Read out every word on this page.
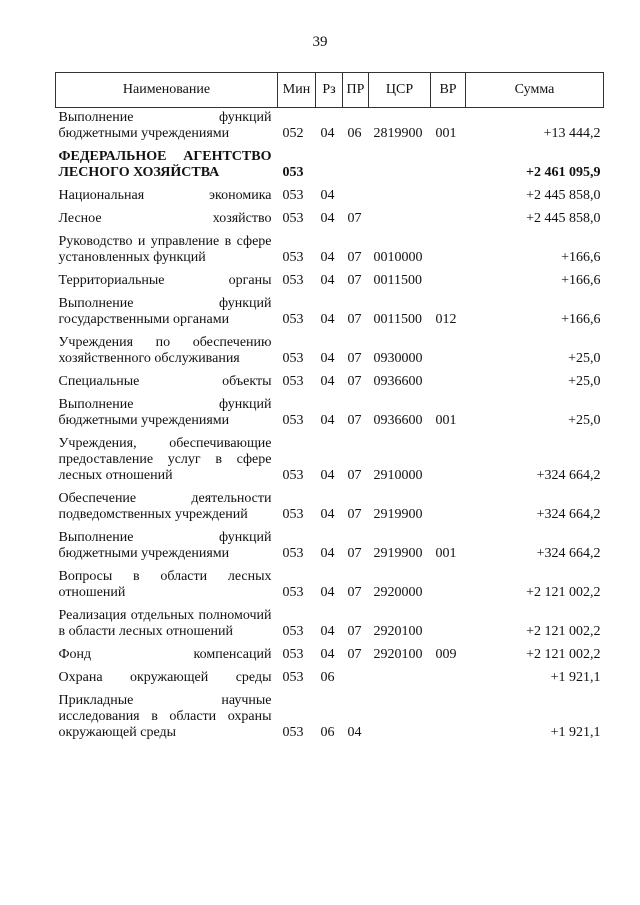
39
Наименование	Мин	Рз	ПР	ЦСР	ВР	Сумма
Выполнение функций бюджетными учреждениями	052	04	06	2819900	001	+13 444,2
ФЕДЕРАЛЬНОЕ АГЕНТСТВО ЛЕСНОГО ХОЗЯЙСТВА	053					+2 461 095,9
Национальная экономика	053	04				+2 445 858,0
Лесное хозяйство	053	04	07			+2 445 858,0
Руководство и управление в сфере установленных функций	053	04	07	0010000		+166,6
Территориальные органы	053	04	07	0011500		+166,6
Выполнение функций государственными органами	053	04	07	0011500	012	+166,6
Учреждения по обеспечению хозяйственного обслуживания	053	04	07	0930000		+25,0
Специальные объекты	053	04	07	0936600		+25,0
Выполнение функций бюджетными учреждениями	053	04	07	0936600	001	+25,0
Учреждения, обеспечивающие предоставление услуг в сфере лесных отношений	053	04	07	2910000		+324 664,2
Обеспечение деятельности подведомственных учреждений	053	04	07	2919900		+324 664,2
Выполнение функций бюджетными учреждениями	053	04	07	2919900	001	+324 664,2
Вопросы в области лесных отношений	053	04	07	2920000		+2 121 002,2
Реализация отдельных полномочий в области лесных отношений	053	04	07	2920100		+2 121 002,2
Фонд компенсаций	053	04	07	2920100	009	+2 121 002,2
Охрана окружающей среды	053	06				+1 921,1
Прикладные научные исследования в области охраны окружающей среды	053	06	04			+1 921,1
